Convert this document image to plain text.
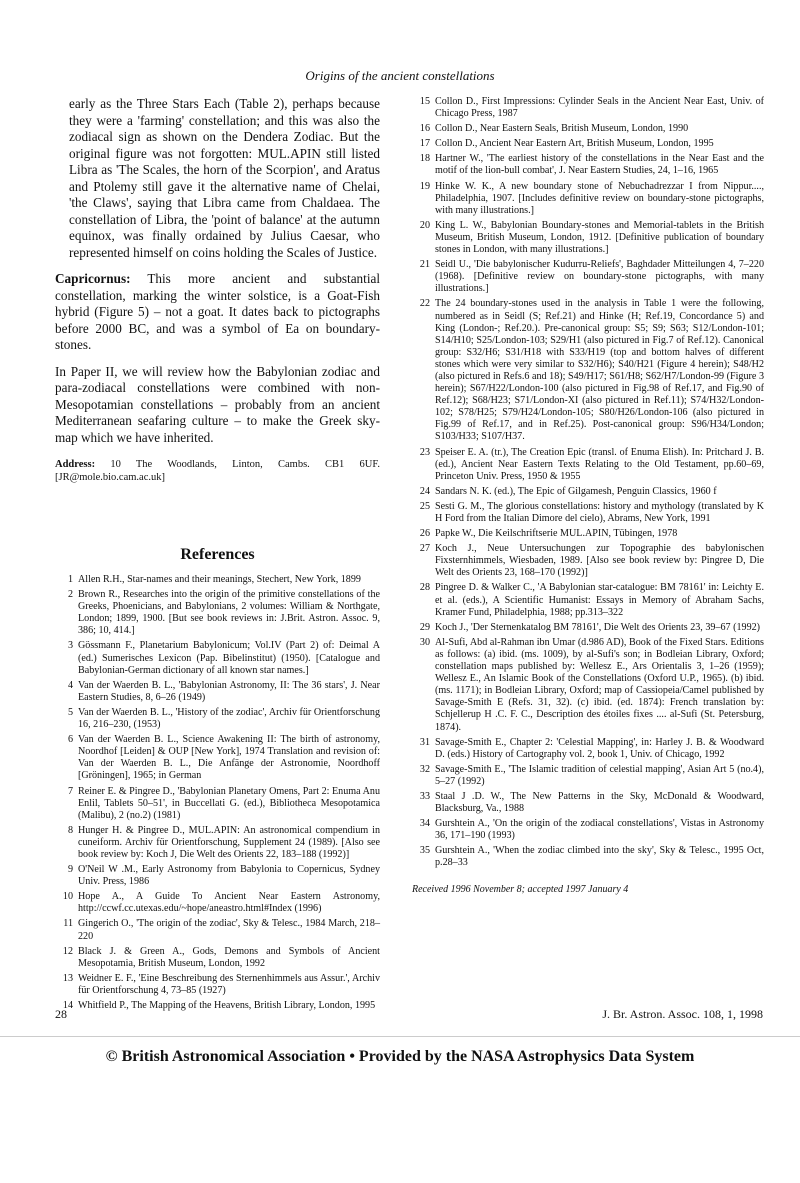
Origins of the ancient constellations

early as the Three Stars Each (Table 2), perhaps because they were a 'farming' constellation; and this was also the zodiacal sign as shown on the Dendera Zodiac. But the original figure was not forgotten: MUL.APIN still listed Libra as 'The Scales, the horn of the Scorpion', and Aratus and Ptolemy still gave it the alternative name of Chelai, 'the Claws', saying that Libra came from Chaldaea. The constellation of Libra, the 'point of balance' at the autumn equinox, was finally ordained by Julius Caesar, who represented himself on coins holding the Scales of Justice.

Capricornus: This more ancient and substantial constellation, marking the winter solstice, is a Goat-Fish hybrid (Figure 5) – not a goat. It dates back to pictographs before 2000 BC, and was a symbol of Ea on boundary-stones.

In Paper II, we will review how the Babylonian zodiac and para-zodiacal constellations were combined with non-Mesopotamian constellations – probably from an ancient Mediterranean seafaring culture – to make the Greek sky-map which we have inherited.

Address: 10 The Woodlands, Linton, Cambs. CB1 6UF. [JR@mole.bio.cam.ac.uk]

References
1 Allen R.H., Star-names and their meanings, Stechert, New York, 1899
2 Brown R., Researches into the origin of the primitive constellations of the Greeks, Phoenicians, and Babylonians, 2 volumes: William & Northgate, London; 1899, 1900. [But see book reviews in: J.Brit. Astron. Assoc. 9, 386; 10, 414.]
3 Gössmann F., Planetarium Babylonicum; Vol.IV (Part 2) of: Deimal A (ed.) Sumerisches Lexicon (Pap. Bibelinstitut) (1950). [Catalogue and Babylonian-German dictionary of all known star names.]
4 Van der Waerden B. L., 'Babylonian Astronomy, II: The 36 stars', J. Near Eastern Studies, 8, 6–26 (1949)
5 Van der Waerden B. L., 'History of the zodiac', Archiv für Orientforschung 16, 216–230, (1953)
6 Van der Waerden B. L., Science Awakening II: The birth of astronomy, Noordhof [Leiden] & OUP [New York], 1974 Translation and revision of: Van der Waerden B. L., Die Anfänge der Astronomie, Noordhoff [Gröningen], 1965; in German
7 Reiner E. & Pingree D., 'Babylonian Planetary Omens, Part 2: Enuma Anu Enlil, Tablets 50–51', in Buccellati G. (ed.), Bibliotheca Mesopotamica (Malibu), 2 (no.2) (1981)
8 Hunger H. & Pingree D., MUL.APIN: An astronomical compendium in cuneiform. Archiv für Orientforschung, Supplement 24 (1989). [Also see book review by: Koch J, Die Welt des Orients 22, 183–188 (1992)]
9 O'Neil W .M., Early Astronomy from Babylonia to Copernicus, Sydney Univ. Press, 1986
10 Hope A., A Guide To Ancient Near Eastern Astronomy, http://ccwf.cc.utexas.edu/~hope/aneastro.html#Index (1996)
11 Gingerich O., 'The origin of the zodiac', Sky & Telesc., 1984 March, 218–220
12 Black J. & Green A., Gods, Demons and Symbols of Ancient Mesopotamia, British Museum, London, 1992
13 Weidner E. F., 'Eine Beschreibung des Sternenhimmels aus Assur.', Archiv für Orientforschung 4, 73–85 (1927)
14 Whitfield P., The Mapping of the Heavens, British Library, London, 1995
15 Collon D., First Impressions: Cylinder Seals in the Ancient Near East, Univ. of Chicago Press, 1987
16 Collon D., Near Eastern Seals, British Museum, London, 1990
17 Collon D., Ancient Near Eastern Art, British Museum, London, 1995
18 Hartner W., 'The earliest history of the constellations in the Near East and the motif of the lion-bull combat', J. Near Eastern Studies, 24, 1–16, 1965
19 Hinke W. K., A new boundary stone of Nebuchadrezzar I from Nippur...., Philadelphia, 1907. [Includes definitive review on boundary-stone pictographs, with many illustrations.]
20 King L. W., Babylonian Boundary-stones and Memorial-tablets in the British Museum, British Museum, London, 1912. [Definitive publication of boundary stones in London, with many illustrations.]
21 Seidl U., 'Die babylonischer Kudurru-Reliefs', Baghdader Mitteilungen 4, 7–220 (1968). [Definitive review on boundary-stone pictographs, with many illustrations.]
22 The 24 boundary-stones used in the analysis in Table 1 were the following, numbered as in Seidl (S; Ref.21) and Hinke (H; Ref.19, Concordance 5) and King (London-; Ref.20.). Pre-canonical group: S5; S9; S63; S12/London-101; S14/H10; S25/London-103; S29/H1 (also pictured in Fig.7 of Ref.12). Canonical group: S32/H6; S31/H18 with S33/H19 (top and bottom halves of different stones which were very similar to S32/H6); S40/H21 (Figure 4 herein); S48/H2 (also pictured in Refs.6 and 18); S49/H17; S61/H8; S62/H7/London-99 (Figure 3 herein); S67/H22/London-100 (also pictured in Fig.98 of Ref.17, and Fig.90 of Ref.12); S68/H23; S71/London-XI (also pictured in Ref.11); S74/H32/London-102; S78/H25; S79/H24/London-105; S80/H26/London-106 (also pictured in Fig.99 of Ref.17, and in Ref.25). Post-canonical group: S96/H34/London; S103/H33; S107/H37.
23 Speiser E. A. (tr.), The Creation Epic (transl. of Enuma Elish). In: Pritchard J. B. (ed.), Ancient Near Eastern Texts Relating to the Old Testament, pp.60–69, Princeton Univ. Press, 1950 & 1955
24 Sandars N. K. (ed.), The Epic of Gilgamesh, Penguin Classics, 1960 f
25 Sesti G. M., The glorious constellations: history and mythology (translated by K H Ford from the Italian Dimore del cielo), Abrams, New York, 1991
26 Papke W., Die Keilschriftserie MUL.APIN, Tübingen, 1978
27 Koch J., Neue Untersuchungen zur Topographie des babylonischen Fixsternhimmels, Wiesbaden, 1989. [Also see book review by: Pingree D, Die Welt des Orients 23, 168–170 (1992)]
28 Pingree D. & Walker C., 'A Babylonian star-catalogue: BM 78161' in: Leichty E. et al. (eds.), A Scientific Humanist: Essays in Memory of Abraham Sachs, Kramer Fund, Philadelphia, 1988; pp.313–322
29 Koch J., 'Der Sternenkatalog BM 78161', Die Welt des Orients 23, 39–67 (1992)
30 Al-Sufi, Abd al-Rahman ibn Umar (d.986 AD), Book of the Fixed Stars. Editions as follows: (a) ibid. (ms. 1009), by al-Sufi's son; in Bodleian Library, Oxford; constellation maps published by: Wellesz E., Ars Orientalis 3, 1–26 (1959); Wellesz E., An Islamic Book of the Constellations (Oxford U.P., 1965). (b) ibid. (ms. 1171); in Bodleian Library, Oxford; map of Cassiopeia/Camel published by Savage-Smith E (Refs. 31, 32). (c) ibid. (ed. 1874): French translation by: Schjellerup H .C. F. C., Description des étoiles fixes .... al-Sufi (St. Petersburg, 1874).
31 Savage-Smith E., Chapter 2: 'Celestial Mapping', in: Harley J. B. & Woodward D. (eds.) History of Cartography vol. 2, book 1, Univ. of Chicago, 1992
32 Savage-Smith E., 'The Islamic tradition of celestial mapping', Asian Art 5 (no.4), 5–27 (1992)
33 Staal J .D. W., The New Patterns in the Sky, McDonald & Woodward, Blacksburg, Va., 1988
34 Gurshtein A., 'On the origin of the zodiacal constellations', Vistas in Astronomy 36, 171–190 (1993)
35 Gurshtein A., 'When the zodiac climbed into the sky', Sky & Telesc., 1995 Oct, p.28–33
Received 1996 November 8; accepted 1997 January 4
28	J. Br. Astron. Assoc. 108, 1, 1998
© British Astronomical Association • Provided by the NASA Astrophysics Data System
